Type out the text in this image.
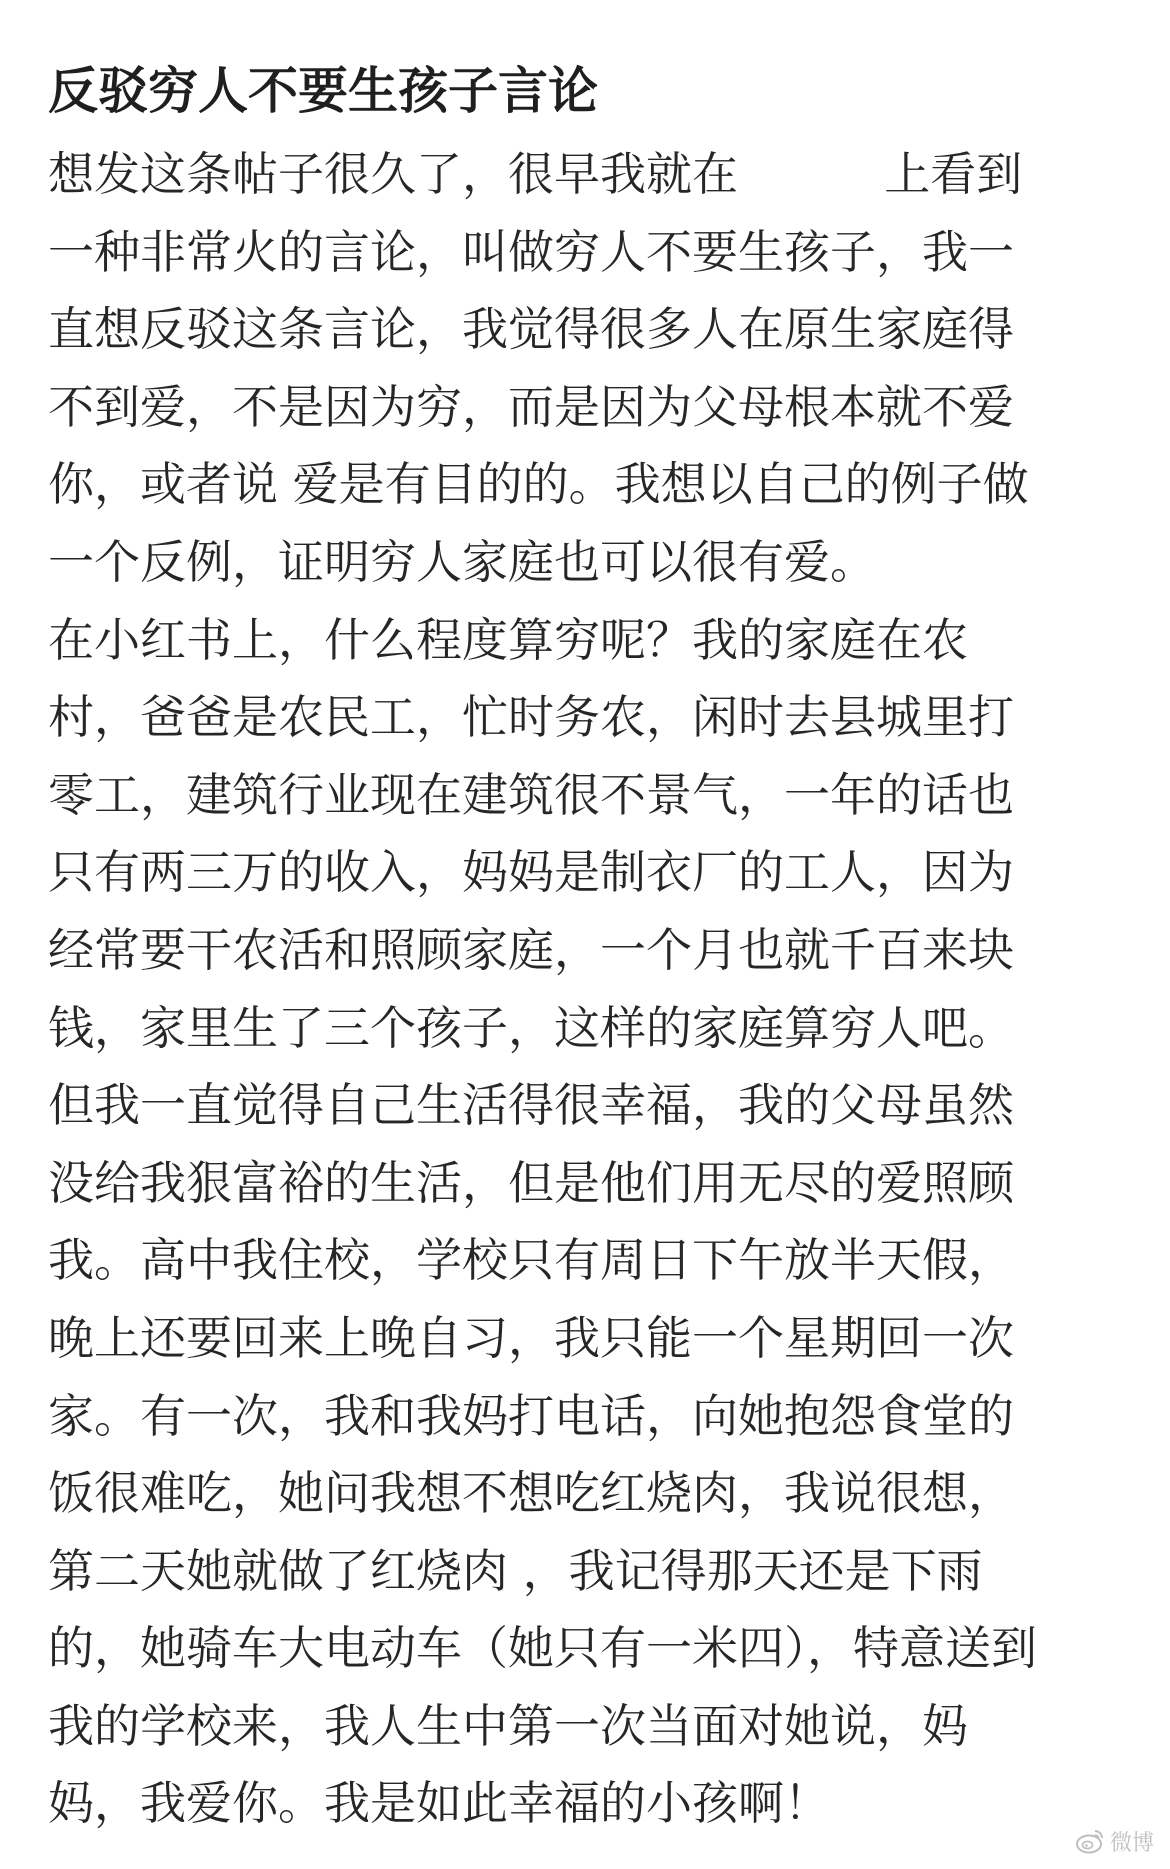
反驳穷人不要生孩子言论
想发这条帖子很久了，很早我就在          上看到
一种非常火的言论，叫做穷人不要生孩子，我一
直想反驳这条言论，我觉得很多人在原生家庭得
不到爱，不是因为穷，而是因为父母根本就不爱
你，或者说 爱是有目的的。我想以自己的例子做
一个反例，证明穷人家庭也可以很有爱。
在小红书上，什么程度算穷呢？我的家庭在农
村，爸爸是农民工，忙时务农，闲时去县城里打
零工，建筑行业现在建筑很不景气，一年的话也
只有两三万的收入，妈妈是制衣厂的工人，因为
经常要干农活和照顾家庭，一个月也就千百来块
钱，家里生了三个孩子，这样的家庭算穷人吧。
但我一直觉得自己生活得很幸福，我的父母虽然
没给我狠富裕的生活，但是他们用无尽的爱照顾
我。高中我住校，学校只有周日下午放半天假，
晚上还要回来上晚自习，我只能一个星期回一次
家。有一次，我和我妈打电话，向她抱怨食堂的
饭很难吃，她问我想不想吃红烧肉，我说很想，
第二天她就做了红烧肉 ，我记得那天还是下雨
的，她骑车大电动车（她只有一米四），特意送到
我的学校来，我人生中第一次当面对她说，妈
妈，我爱你。我是如此幸福的小孩啊！
微博
